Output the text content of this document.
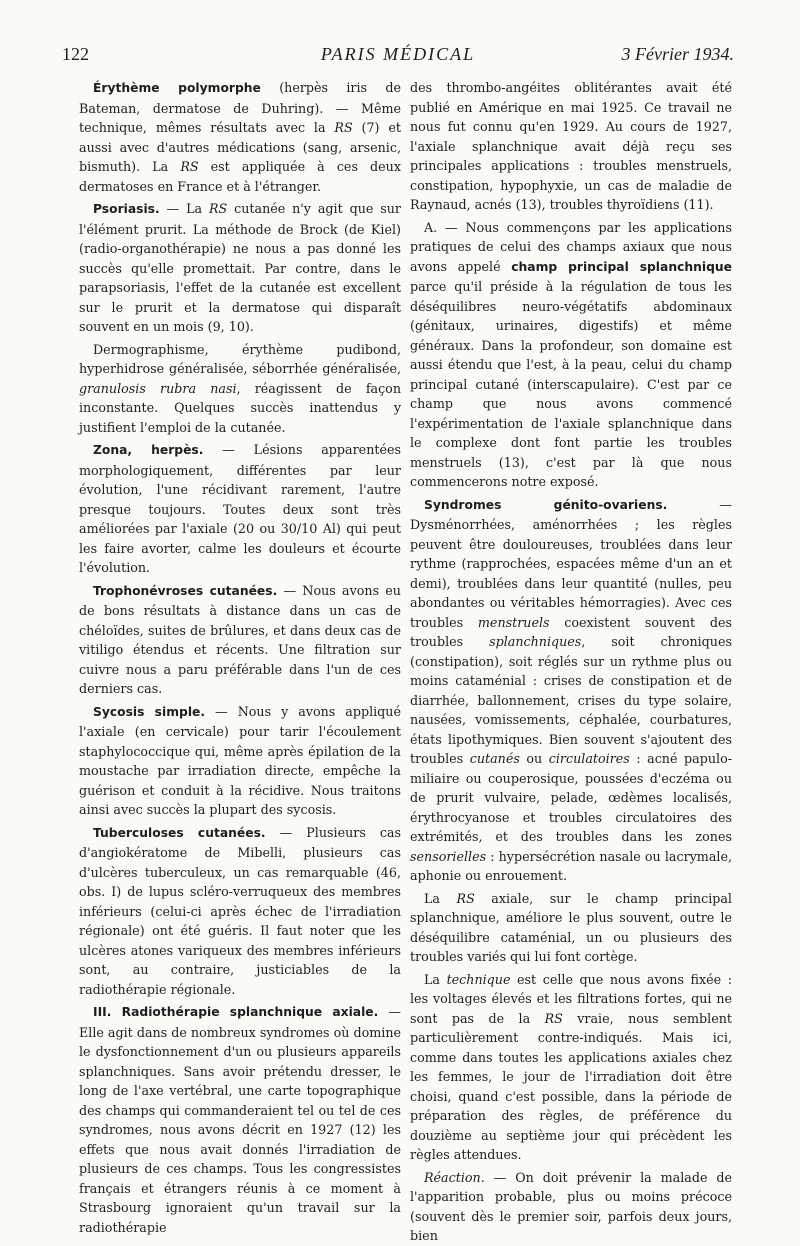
122	PARIS MÉDICAL	3 Février 1934.

Érythème polymorphe (herpès iris de Bateman, dermatose de Duhring). — Même technique, mêmes résultats avec la RS (7) et aussi avec d'autres médications (sang, arsenic, bismuth). La RS est appliquée à ces deux dermatoses en France et à l'étranger.

Psoriasis. — La RS cutanée n'y agit que sur l'élément prurit. La méthode de Brock (de Kiel) (radio-organothérapie) ne nous a pas donné les succès qu'elle promettait. Par contre, dans le parapsoriasis, l'effet de la cutanée est excellent sur le prurit et la dermatose qui disparaît souvent en un mois (9, 10).

Dermographisme, érythème pudibond, hyperhidrose généralisée, séborrhée généralisée, granulosis rubra nasi, réagissent de façon inconstante. Quelques succès inattendus y justifient l'emploi de la cutanée.

Zona, herpès. — Lésions apparentées morphologiquement, différentes par leur évolution, l'une récidivant rarement, l'autre presque toujours. Toutes deux sont très améliorées par l'axiale (20 ou 30/10 Al) qui peut les faire avorter, calme les douleurs et écourte l'évolution.

Trophonévroses cutanées. — Nous avons eu de bons résultats à distance dans un cas de chéloïdes, suites de brûlures, et dans deux cas de vitiligo étendus et récents. Une filtration sur cuivre nous a paru préférable dans l'un de ces derniers cas.

Sycosis simple. — Nous y avons appliqué l'axiale (en cervicale) pour tarir l'écoulement staphylococcique qui, même après épilation de la moustache par irradiation directe, empêche la guérison et conduit à la récidive. Nous traitons ainsi avec succès la plupart des sycosis.

Tuberculoses cutanées. — Plusieurs cas d'angiokératome de Mibelli, plusieurs cas d'ulcères tuberculeux, un cas remarquable (46, obs. I) de lupus scléro-verruqueux des membres inférieurs (celui-ci après échec de l'irradiation régionale) ont été guéris. Il faut noter que les ulcères atones variqueux des membres inférieurs sont, au contraire, justiciables de la radiothérapie régionale.

III. Radiothérapie splanchnique axiale. — Elle agit dans de nombreux syndromes où domine le dysfonctionnement d'un ou plusieurs appareils splanchniques. Sans avoir prétendu dresser, le long de l'axe vertébral, une carte topographique des champs qui commanderaient tel ou tel de ces syndromes, nous avons décrit en 1927 (12) les effets que nous avait donnés l'irradiation de plusieurs de ces champs. Tous les congressistes français et étrangers réunis à ce moment à Strasbourg ignoraient qu'un travail sur la radiothérapie

des thrombo-angéites oblitérantes avait été publié en Amérique en mai 1925. Ce travail ne nous fut connu qu'en 1929. Au cours de 1927, l'axiale splanchnique avait déjà reçu ses principales applications : troubles menstruels, constipation, hypophyxie, un cas de maladie de Raynaud, acnés (13), troubles thyroïdiens (11).

A. — Nous commençons par les applications pratiques de celui des champs axiaux que nous avons appelé champ principal splanchnique parce qu'il préside à la régulation de tous les déséquilibres neuro-végétatifs abdominaux (génitaux, urinaires, digestifs) et même généraux. Dans la profondeur, son domaine est aussi étendu que l'est, à la peau, celui du champ principal cutané (interscapulaire). C'est par ce champ que nous avons commencé l'expérimentation de l'axiale splanchnique dans le complexe dont font partie les troubles menstruels (13), c'est par là que nous commencerons notre exposé.

Syndromes génito-ovariens. — Dysménorrhées, aménorrhées ; les règles peuvent être douloureuses, troublées dans leur rythme (rapprochées, espacées même d'un an et demi), troublées dans leur quantité (nulles, peu abondantes ou véritables hémorragies). Avec ces troubles menstruels coexistent souvent des troubles splanchniques, soit chroniques (constipation), soit réglés sur un rythme plus ou moins cataménial : crises de constipation et de diarrhée, ballonnement, crises du type solaire, nausées, vomissements, céphalée, courbatures, états lipothymiques. Bien souvent s'ajoutent des troubles cutanés ou circulatoires : acné papulo-miliaire ou couperosique, poussées d'eczéma ou de prurit vulvaire, pelade, œdèmes localisés, érythrocyanose et troubles circulatoires des extrémités, et des troubles dans les zones sensorielles : hypersécrétion nasale ou lacrymale, aphonie ou enrouement.

La RS axiale, sur le champ principal splanchnique, améliore le plus souvent, outre le déséquilibre cataménial, un ou plusieurs des troubles variés qui lui font cortège.

La technique est celle que nous avons fixée : les voltages élevés et les filtrations fortes, qui ne sont pas de la RS vraie, nous semblent particulièrement contre-indiqués. Mais ici, comme dans toutes les applications axiales chez les femmes, le jour de l'irradiation doit être choisi, quand c'est possible, dans la période de préparation des règles, de préférence du douzième au septième jour qui précèdent les règles attendues.

Réaction. — On doit prévenir la malade de l'apparition probable, plus ou moins précoce (souvent dès le premier soir, parfois deux jours, bien
